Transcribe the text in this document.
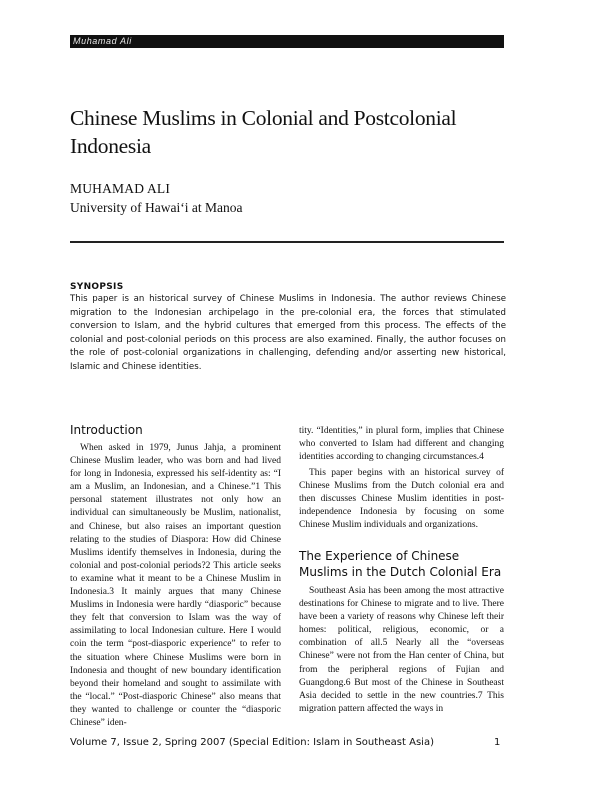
Muhamad Ali
Chinese Muslims in Colonial and Postcolonial Indonesia
MUHAMAD ALI
University of Hawai‘i at Manoa
SYNOPSIS
This paper is an historical survey of Chinese Muslims in Indonesia. The author reviews Chinese migration to the Indonesian archipelago in the pre-colonial era, the forces that stimulated conversion to Islam, and the hybrid cultures that emerged from this process. The effects of the colonial and post-colonial periods on this process are also examined. Finally, the author focuses on the role of post-colonial organizations in challenging, defending and/or asserting new historical, Islamic and Chinese identities.
Introduction
When asked in 1979, Junus Jahja, a prominent Chinese Muslim leader, who was born and had lived for long in Indonesia, expressed his self-identity as: “I am a Muslim, an Indonesian, and a Chinese.”1 This personal statement illustrates not only how an individual can simultaneously be Muslim, nationalist, and Chinese, but also raises an important question relating to the studies of Diaspora: How did Chinese Muslims identify themselves in Indonesia, during the colonial and post-colonial periods?2 This article seeks to examine what it meant to be a Chinese Muslim in Indonesia.3 It mainly argues that many Chinese Muslims in Indonesia were hardly “diasporic” because they felt that conversion to Islam was the way of assimilating to local Indonesian culture. Here I would coin the term “post-diasporic experience” to refer to the situation where Chinese Muslims were born in Indonesia and thought of new boundary identification beyond their homeland and sought to assimilate with the “local.” “Post-diasporic Chinese” also means that they wanted to challenge or counter the “diasporic Chinese” iden-
tity. “Identities,” in plural form, implies that Chinese who converted to Islam had different and changing identities according to changing circumstances.4
This paper begins with an historical survey of Chinese Muslims from the Dutch colonial era and then discusses Chinese Muslim identities in post-independence Indonesia by focusing on some Chinese Muslim individuals and organizations.
The Experience of Chinese Muslims in the Dutch Colonial Era
Southeast Asia has been among the most attractive destinations for Chinese to migrate and to live. There have been a variety of reasons why Chinese left their homes: political, religious, economic, or a combination of all.5 Nearly all the “overseas Chinese” were not from the Han center of China, but from the peripheral regions of Fujian and Guangdong.6 But most of the Chinese in Southeast Asia decided to settle in the new countries.7 This migration pattern affected the ways in
Volume 7, Issue 2, Spring 2007 (Special Edition: Islam in Southeast Asia)	1
